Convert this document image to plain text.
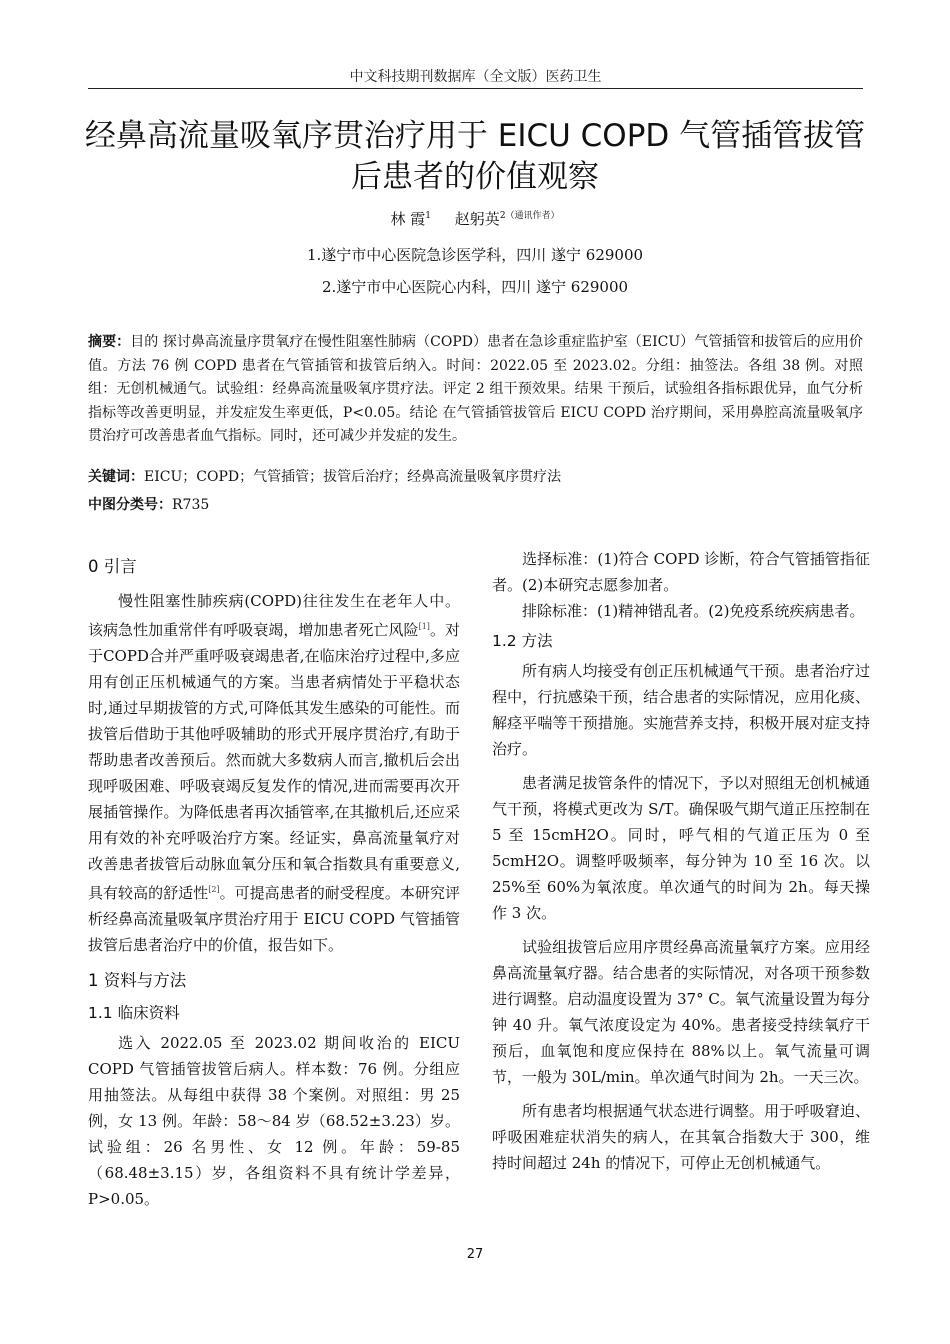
中文科技期刊数据库（全文版）医药卫生
经鼻高流量吸氧序贯治疗用于 EICU COPD 气管插管拔管
后患者的价值观察
林 霞$^1$ 赵躬英$^{2(通讯作者)}$
1.遂宁市中心医院急诊医学科，四川 遂宁 629000
2.遂宁市中心医院心内科，四川 遂宁 629000
摘要：目的 探讨鼻高流量序贯氧疗在慢性阻塞性肺病（COPD）患者在急诊重症监护室（EICU）气管插管和拔管后的应用价值。方法 76 例 COPD 患者在气管插管和拔管后纳入。时间：2022.05 至 2023.02。分组：抽签法。各组 38 例。对照组：无创机械通气。试验组：经鼻高流量吸氧序贯疗法。评定 2 组干预效果。结果 干预后，试验组各指标跟优异，血气分析指标等改善更明显，并发症发生率更低，P<0.05。结论 在气管插管拔管后 EICU COPD 治疗期间，采用鼻腔高流量吸氧序贯治疗可改善患者血气指标。同时，还可减少并发症的发生。
关键词：EICU；COPD；气管插管；拔管后治疗；经鼻高流量吸氧序贯疗法
中图分类号：R735
0 引言

慢性阻塞性肺疾病(COPD)往往发生在老年人中。该病急性加重常伴有呼吸衰竭，增加患者死亡风险[1]。对于COPD合并严重呼吸衰竭患者,在临床治疗过程中,多应用有创正压机械通气的方案。当患者病情处于平稳状态时,通过早期拔管的方式,可降低其发生感染的可能性。而拔管后借助于其他呼吸辅助的形式开展序贯治疗,有助于帮助患者改善预后。然而就大多数病人而言,撤机后会出现呼吸困难、呼吸衰竭反复发作的情况,进而需要再次开展插管操作。为降低患者再次插管率,在其撤机后,还应采用有效的补充呼吸治疗方案。经证实，鼻高流量氧疗对改善患者拔管后动脉血氧分压和氧合指数具有重要意义,具有较高的舒适性[2]。可提高患者的耐受程度。本研究评析经鼻高流量吸氧序贯治疗用于 EICU COPD 气管插管拔管后患者治疗中的价值，报告如下。

1 资料与方法
1.1 临床资料

选入 2022.05 至 2023.02 期间收治的 EICU COPD 气管插管拔管后病人。样本数：76 例。分组应用抽签法。从每组中获得 38 个案例。对照组：男 25 例，女 13 例。年龄：58～84 岁（68.52±3.23）岁。试验组：26 名男性、女 12 例。年龄：59-85（68.48±3.15）岁，各组资料不具有统计学差异，P>0.05。

选择标准：(1)符合 COPD 诊断，符合气管插管指征者。(2)本研究志愿参加者。

排除标准：(1)精神错乱者。(2)免疫系统疾病患者。

1.2 方法

所有病人均接受有创正压机械通气干预。患者治疗过程中，行抗感染干预，结合患者的实际情况，应用化痰、解痉平喘等干预措施。实施营养支持，积极开展对症支持治疗。

患者满足拔管条件的情况下，予以对照组无创机械通气干预，将模式更改为 S/T。确保吸气期气道正压控制在 5 至 15cmH2O。同时，呼气相的气道正压为 0 至 5cmH2O。调整呼吸频率，每分钟为 10 至 16 次。以 25%至 60%为氧浓度。单次通气的时间为 2h。每天操作 3 次。

试验组拔管后应用序贯经鼻高流量氧疗方案。应用经鼻高流量氧疗器。结合患者的实际情况，对各项干预参数进行调整。启动温度设置为 37° C。氧气流量设置为每分钟 40 升。氧气浓度设定为 40%。患者接受持续氧疗干预后，血氧饱和度应保持在 88%以上。氧气流量可调节，一般为 30L/min。单次通气时间为 2h。一天三次。

所有患者均根据通气状态进行调整。用于呼吸窘迫、呼吸困难症状消失的病人，在其氧合指数大于 300，维持时间超过 24h 的情况下，可停止无创机械通气。

27
